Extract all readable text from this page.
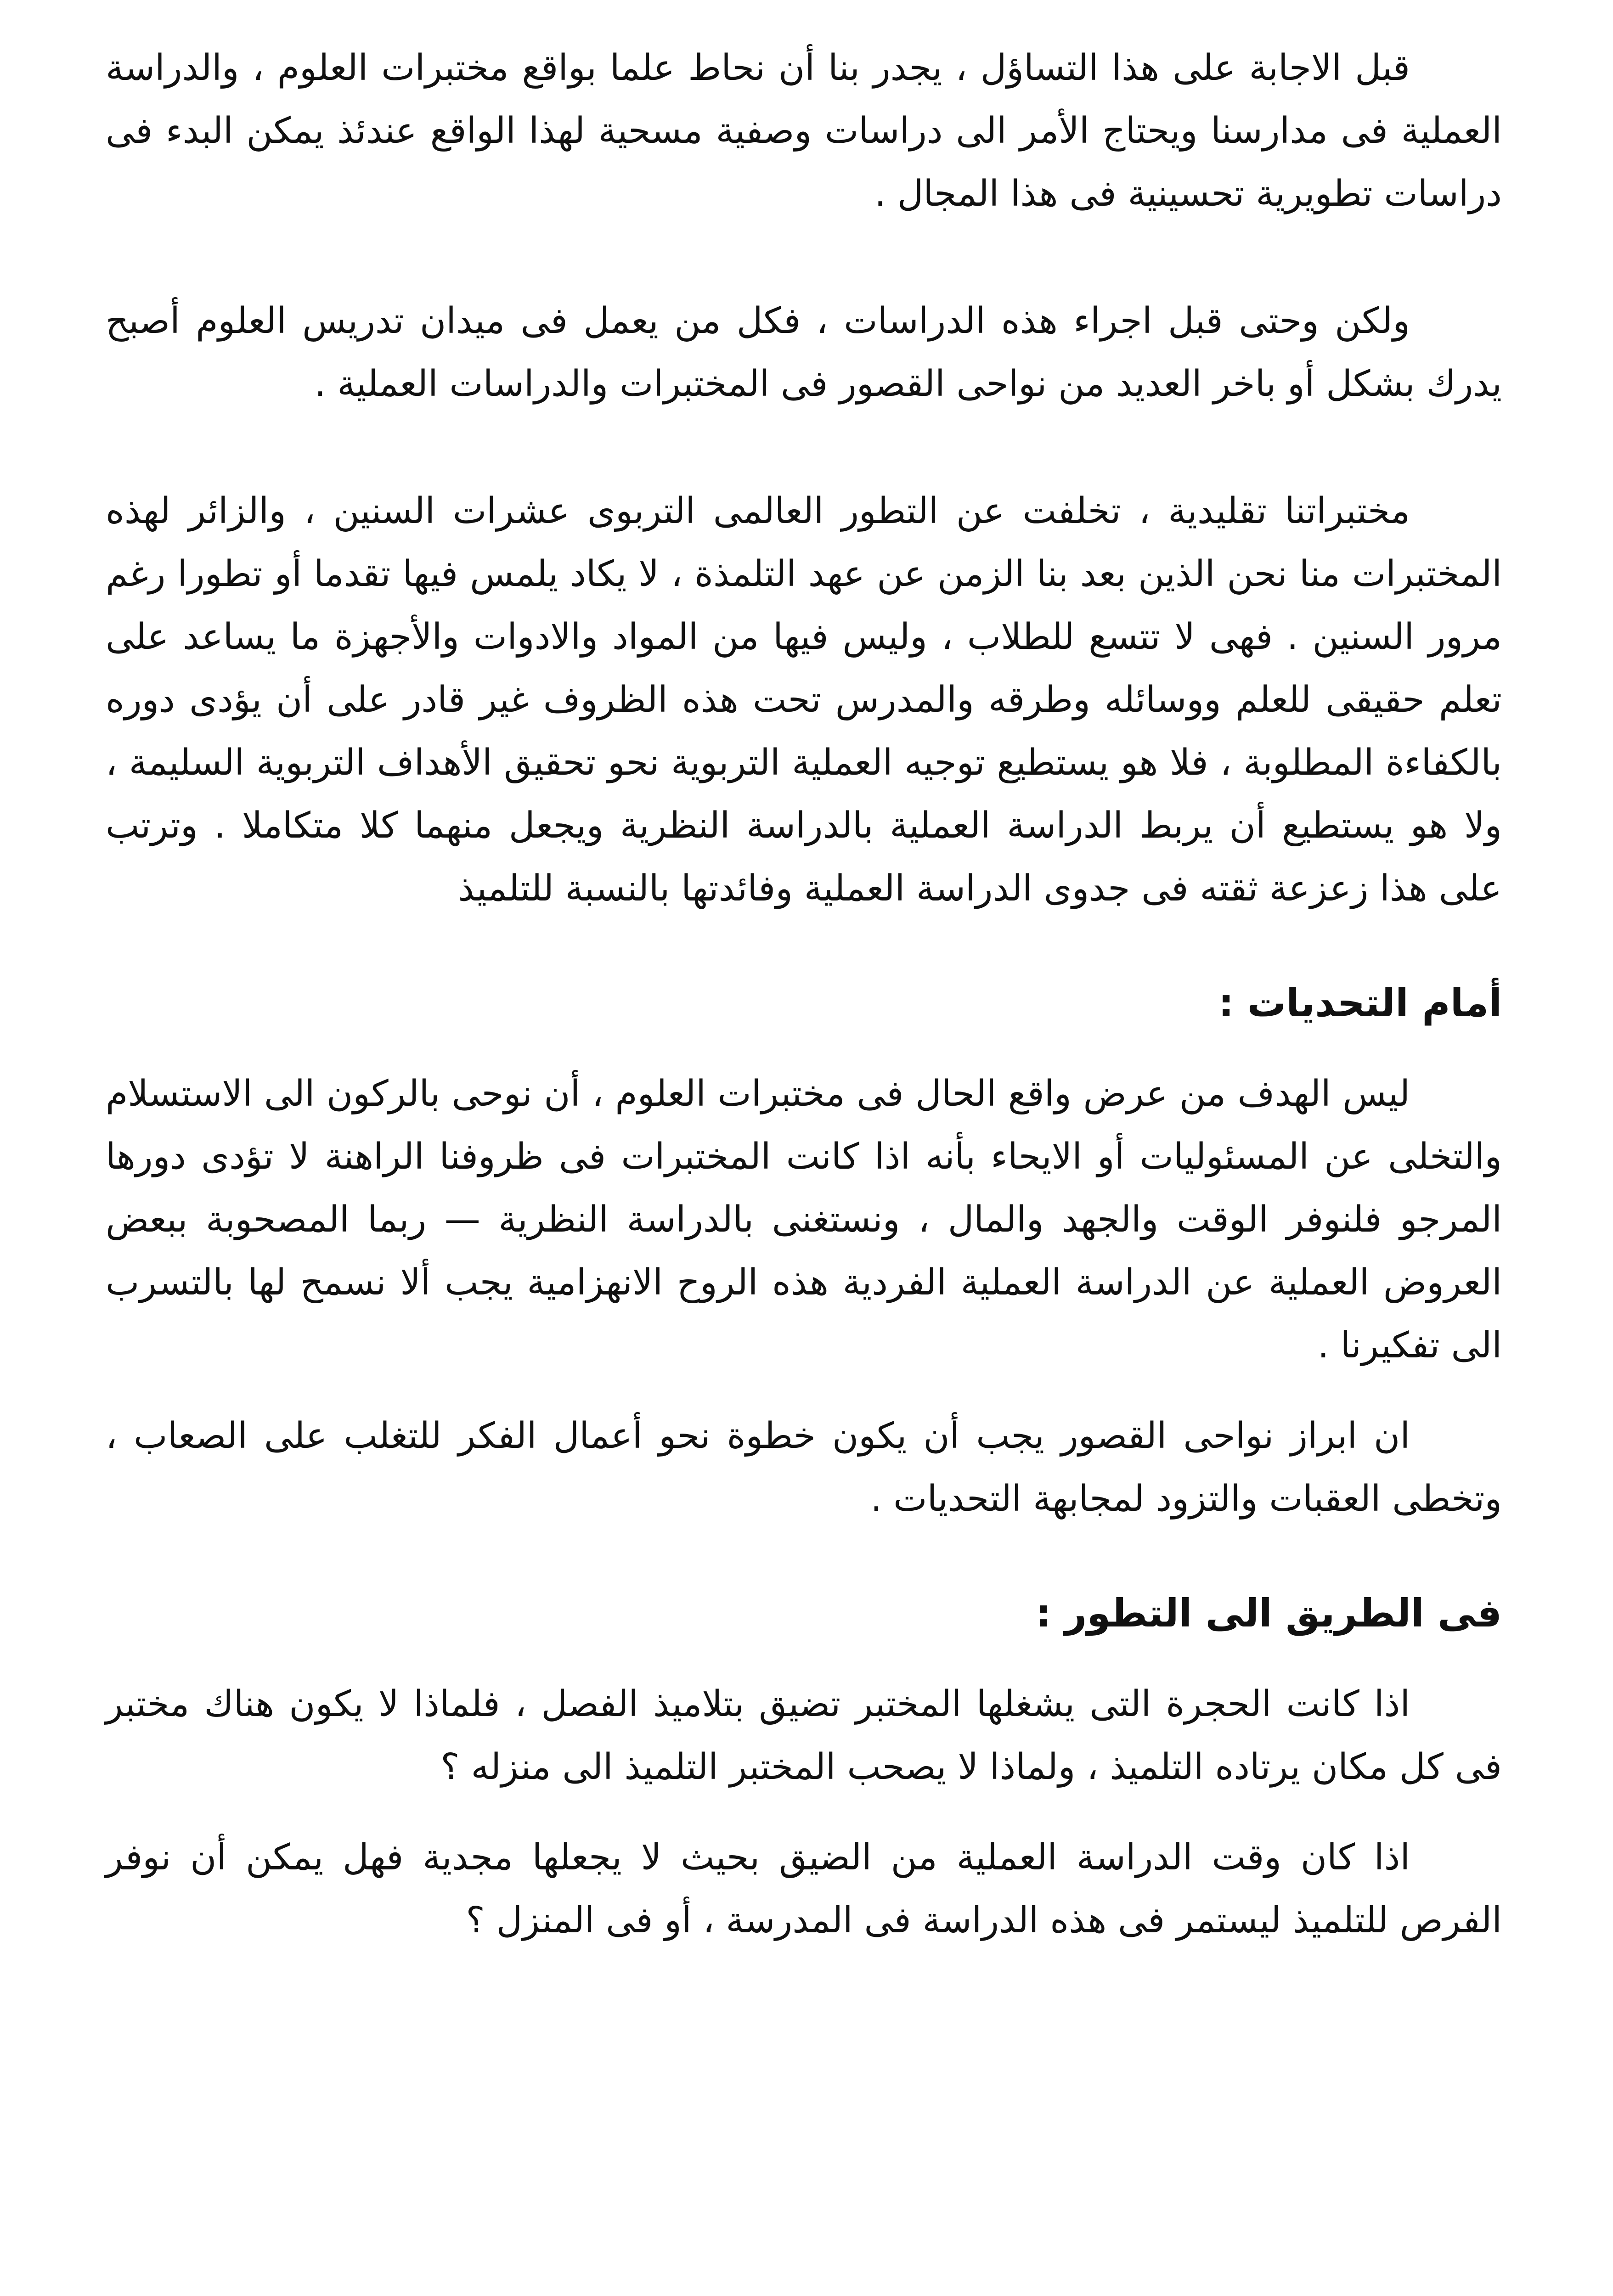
قبل الاجابة على هذا التساؤل ، يجدر بنا أن نحاط علما بواقع مختبرات العلوم ، والدراسة العملية فى مدارسنا ويحتاج الأمر الى دراسات وصفية مسحية لهذا الواقع عندئذ يمكن البدء فى دراسات تطويرية تحسينية فى هذا المجال .

ولكن وحتى قبل اجراء هذه الدراسات ، فكل من يعمل فى ميدان تدريس العلوم أصبح يدرك بشكل أو باخر العديد من نواحى القصور فى المختبرات والدراسات العملية .

مختبراتنا تقليدية ، تخلفت عن التطور العالمى التربوى عشرات السنين ، والزائر لهذه المختبرات منا نحن الذين بعد بنا الزمن عن عهد التلمذة ، لا يكاد يلمس فيها تقدما أو تطورا رغم مرور السنين . فهى لا تتسع للطلاب ، وليس فيها من المواد والادوات والأجهزة ما يساعد على تعلم حقيقى للعلم ووسائله وطرقه والمدرس تحت هذه الظروف غير قادر على أن يؤدى دوره بالكفاءة المطلوبة ، فلا هو يستطيع توجيه العملية التربوية نحو تحقيق الأهداف التربوية السليمة ، ولا هو يستطيع أن يربط الدراسة العملية بالدراسة النظرية ويجعل منهما كلا متكاملا . وترتب على هذا زعزعة ثقته فى جدوى الدراسة العملية وفائدتها بالنسبة للتلميذ

أمام التحديات :

ليس الهدف من عرض واقع الحال فى مختبرات العلوم ، أن نوحى بالركون الى الاستسلام والتخلى عن المسئوليات أو الايحاء بأنه اذا كانت المختبرات فى ظروفنا الراهنة لا تؤدى دورها المرجو فلنوفر الوقت والجهد والمال ، ونستغنى بالدراسة النظرية — ربما المصحوبة ببعض العروض العملية عن الدراسة العملية الفردية هذه الروح الانهزامية يجب ألا نسمح لها بالتسرب الى تفكيرنا .

ان ابراز نواحى القصور يجب أن يكون خطوة نحو أعمال الفكر للتغلب على الصعاب ، وتخطى العقبات والتزود لمجابهة التحديات .

فى الطريق الى التطور :

اذا كانت الحجرة التى يشغلها المختبر تضيق بتلاميذ الفصل ، فلماذا لا يكون هناك مختبر فى كل مكان يرتاده التلميذ ، ولماذا لا يصحب المختبر التلميذ الى منزله ؟

اذا كان وقت الدراسة العملية من الضيق بحيث لا يجعلها مجدية فهل يمكن أن نوفر الفرص للتلميذ ليستمر فى هذه الدراسة فى المدرسة ، أو فى المنزل ؟
